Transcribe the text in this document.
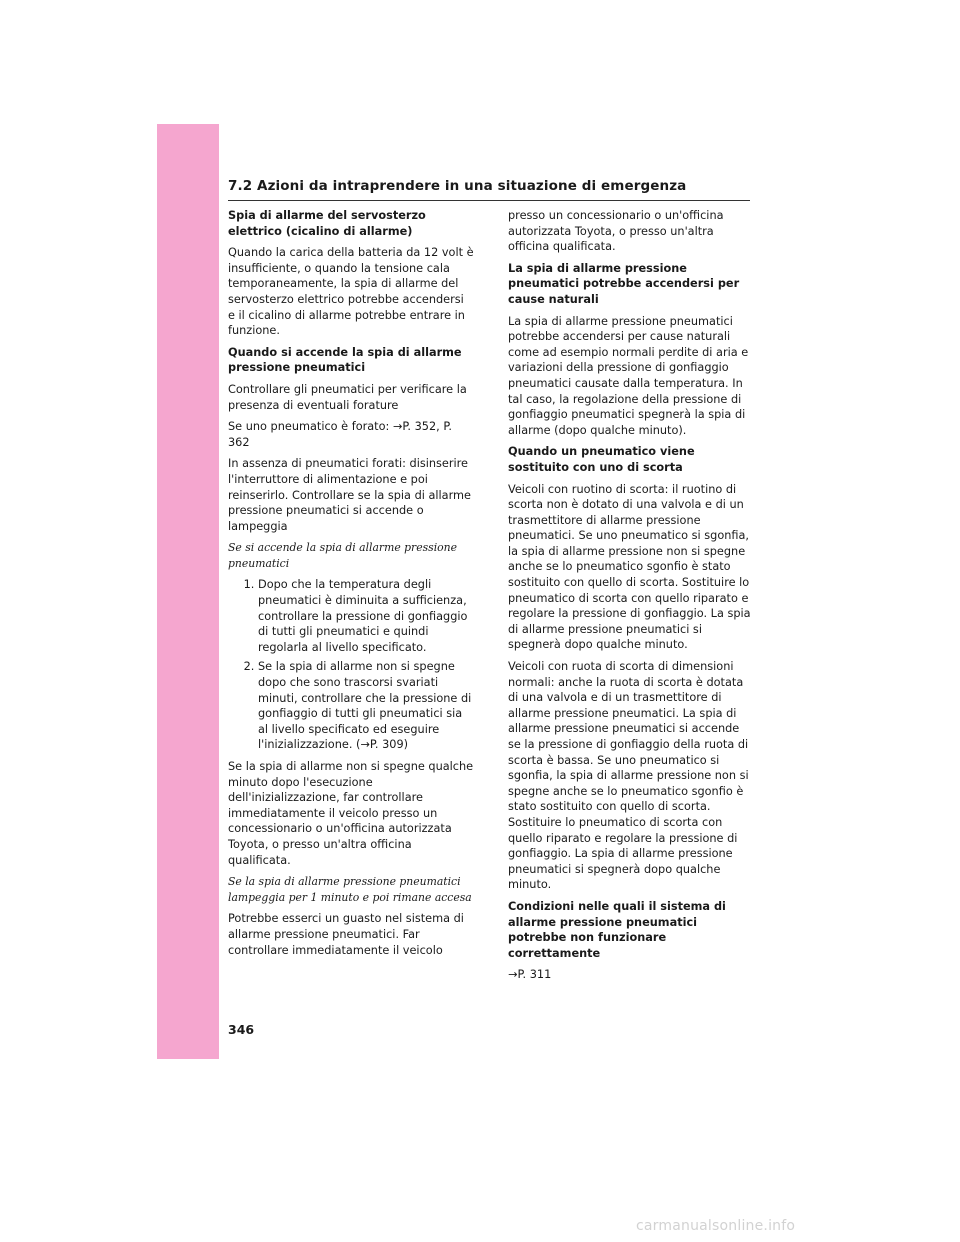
7.2 Azioni da intraprendere in una situazione di emergenza

Spia di allarme del servosterzo elettrico (cicalino di allarme)

Quando la carica della batteria da 12 volt è insufficiente, o quando la tensione cala temporaneamente, la spia di allarme del servosterzo elettrico potrebbe accendersi e il cicalino di allarme potrebbe entrare in funzione.

Quando si accende la spia di allarme pressione pneumatici

Controllare gli pneumatici per verificare la presenza di eventuali forature

Se uno pneumatico è forato: →P. 352, P. 362

In assenza di pneumatici forati: disinserire l'interruttore di alimentazione e poi reinserirlo. Controllare se la spia di allarme pressione pneumatici si accende o lampeggia

Se si accende la spia di allarme pressione pneumatici

1. Dopo che la temperatura degli pneumatici è diminuita a sufficienza, controllare la pressione di gonfiaggio di tutti gli pneumatici e quindi regolarla al livello specificato.
2. Se la spia di allarme non si spegne dopo che sono trascorsi svariati minuti, controllare che la pressione di gonfiaggio di tutti gli pneumatici sia al livello specificato ed eseguire l'inizializzazione. (→P. 309)

Se la spia di allarme non si spegne qualche minuto dopo l'esecuzione dell'inizializzazione, far controllare immediatamente il veicolo presso un concessionario o un'officina autorizzata Toyota, o presso un'altra officina qualificata.

Se la spia di allarme pressione pneumatici lampeggia per 1 minuto e poi rimane accesa

Potrebbe esserci un guasto nel sistema di allarme pressione pneumatici. Far controllare immediatamente il veicolo

presso un concessionario o un'officina autorizzata Toyota, o presso un'altra officina qualificata.

La spia di allarme pressione pneumatici potrebbe accendersi per cause naturali

La spia di allarme pressione pneumatici potrebbe accendersi per cause naturali come ad esempio normali perdite di aria e variazioni della pressione di gonfiaggio pneumatici causate dalla temperatura. In tal caso, la regolazione della pressione di gonfiaggio pneumatici spegnerà la spia di allarme (dopo qualche minuto).

Quando un pneumatico viene sostituito con uno di scorta

Veicoli con ruotino di scorta: il ruotino di scorta non è dotato di una valvola e di un trasmettitore di allarme pressione pneumatici. Se uno pneumatico si sgonfia, la spia di allarme pressione non si spegne anche se lo pneumatico sgonfio è stato sostituito con quello di scorta. Sostituire lo pneumatico di scorta con quello riparato e regolare la pressione di gonfiaggio. La spia di allarme pressione pneumatici si spegnerà dopo qualche minuto.

Veicoli con ruota di scorta di dimensioni normali: anche la ruota di scorta è dotata di una valvola e di un trasmettitore di allarme pressione pneumatici. La spia di allarme pressione pneumatici si accende se la pressione di gonfiaggio della ruota di scorta è bassa. Se uno pneumatico si sgonfia, la spia di allarme pressione non si spegne anche se lo pneumatico sgonfio è stato sostituito con quello di scorta. Sostituire lo pneumatico di scorta con quello riparato e regolare la pressione di gonfiaggio. La spia di allarme pressione pneumatici si spegnerà dopo qualche minuto.

Condizioni nelle quali il sistema di allarme pressione pneumatici potrebbe non funzionare correttamente

→P. 311

346
carmanualsonline.info
